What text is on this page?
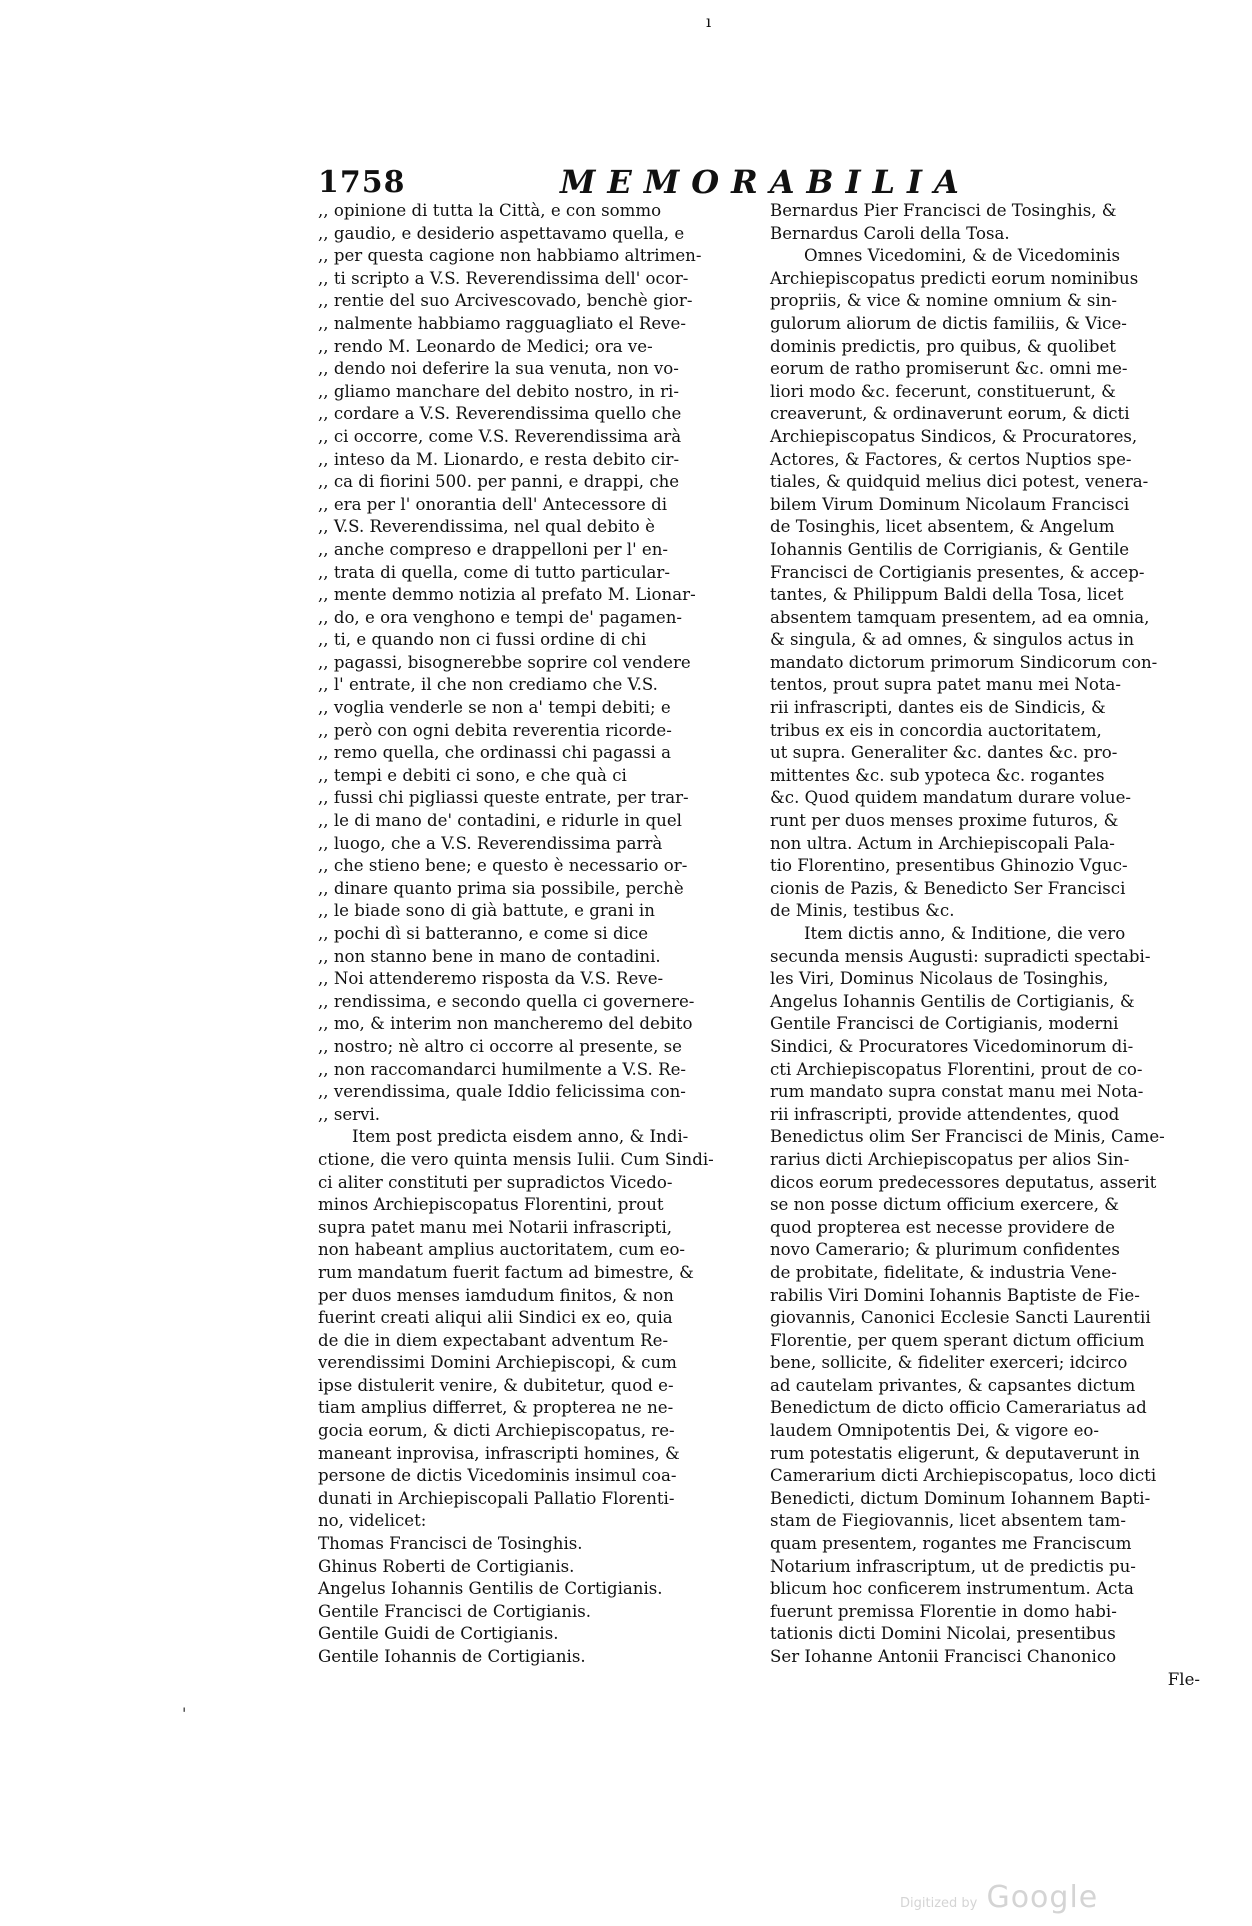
ı
1758	MEMORABILIA
,, opinione di tutta la Città, e con sommo
,, gaudio, e desiderio aspettavamo quella, e
,, per questa cagione non habbiamo altrimen-
,, ti scripto a V.S. Reverendissima dell' ocor-
,, rentie del suo Arcivescovado, benchè gior-
,, nalmente habbiamo ragguagliato el Reve-
,, rendo M. Leonardo de Medici; ora ve-
,, dendo noi deferire la sua venuta, non vo-
,, gliamo manchare del debito nostro, in ri-
,, cordare a V.S. Reverendissima quello che
,, ci occorre, come V.S. Reverendissima arà
,, inteso da M. Lionardo, e resta debito cir-
,, ca di fiorini 500. per panni, e drappi, che
,, era per l' onorantia dell' Antecessore di
,, V.S. Reverendissima, nel qual debito è
,, anche compreso e drappelloni per l' en-
,, trata di quella, come di tutto particular-
,, mente demmo notizia al prefato M. Lionar-
,, do, e ora venghono e tempi de' pagamen-
,, ti, e quando non ci fussi ordine di chi
,, pagassi, bisognerebbe soprire col vendere
,, l' entrate, il che non crediamo che V.S.
,, voglia venderle se non a' tempi debiti; e
,, però con ogni debita reverentia ricorde-
,, remo quella, che ordinassi chi pagassi a
,, tempi e debiti ci sono, e che quà ci
,, fussi chi pigliassi queste entrate, per trar-
,, le di mano de' contadini, e ridurle in quel
,, luogo, che a V.S. Reverendissima parrà
,, che stieno bene; e questo è necessario or-
,, dinare quanto prima sia possibile, perchè
,, le biade sono di già battute, e grani in
,, pochi dì si batteranno, e come si dice
,, non stanno bene in mano de contadini.
,, Noi attenderemo risposta da V.S. Reve-
,, rendissima, e secondo quella ci governere-
,, mo, & interim non mancheremo del debito
,, nostro; nè altro ci occorre al presente, se
,, non raccomandarci humilmente a V.S. Re-
,, verendissima, quale Iddio felicissima con-
,, servi.
Item post predicta eisdem anno, & Indi-
ctione, die vero quinta mensis Iulii. Cum Sindi-
ci aliter constituti per supradictos Vicedo-
minos Archiepiscopatus Florentini, prout
supra patet manu mei Notarii infrascripti,
non habeant amplius auctoritatem, cum eo-
rum mandatum fuerit factum ad bimestre, &
per duos menses iamdudum finitos, & non
fuerint creati aliqui alii Sindici ex eo, quia
de die in diem expectabant adventum Re-
verendissimi Domini Archiepiscopi, & cum
ipse distulerit venire, & dubitetur, quod e-
tiam amplius differret, & propterea ne ne-
gocia eorum, & dicti Archiepiscopatus, re-
maneant inprovisa, infrascripti homines, &
persone de dictis Vicedominis insimul coa-
dunati in Archiepiscopali Pallatio Florenti-
no, videlicet:
Thomas Francisci de Tosinghis.
Ghinus Roberti de Cortigianis.
Angelus Iohannis Gentilis de Cortigianis.
Gentile Francisci de Cortigianis.
Gentile Guidi de Cortigianis.
Gentile Iohannis de Cortigianis.
Bernardus Pier Francisci de Tosinghis, &
Bernardus Caroli della Tosa.
Omnes Vicedomini, & de Vicedominis
Archiepiscopatus predicti eorum nominibus
propriis, & vice & nomine omnium & sin-
gulorum aliorum de dictis familiis, & Vice-
dominis predictis, pro quibus, & quolibet
eorum de ratho promiserunt &c. omni me-
liori modo &c. fecerunt, constituerunt, &
creaverunt, & ordinaverunt eorum, & dicti
Archiepiscopatus Sindicos, & Procuratores,
Actores, & Factores, & certos Nuptios spe-
tiales, & quidquid melius dici potest, venera-
bilem Virum Dominum Nicolaum Francisci
de Tosinghis, licet absentem, & Angelum
Iohannis Gentilis de Corrigianis, & Gentile
Francisci de Cortigianis presentes, & accep-
tantes, & Philippum Baldi della Tosa, licet
absentem tamquam presentem, ad ea omnia,
& singula, & ad omnes, & singulos actus in
mandato dictorum primorum Sindicorum con-
tentos, prout supra patet manu mei Nota-
rii infrascripti, dantes eis de Sindicis, &
tribus ex eis in concordia auctoritatem,
ut supra. Generaliter &c. dantes &c. pro-
mittentes &c. sub ypoteca &c. rogantes
&c. Quod quidem mandatum durare volue-
runt per duos menses proxime futuros, &
non ultra. Actum in Archiepiscopali Pala-
tio Florentino, presentibus Ghinozio Vguc-
cionis de Pazis, & Benedicto Ser Francisci
de Minis, testibus &c.
Item dictis anno, & Inditione, die vero
secunda mensis Augusti: supradicti spectabi-
les Viri, Dominus Nicolaus de Tosinghis,
Angelus Iohannis Gentilis de Cortigianis, &
Gentile Francisci de Cortigianis, moderni
Sindici, & Procuratores Vicedominorum di-
cti Archiepiscopatus Florentini, prout de co-
rum mandato supra constat manu mei Nota-
rii infrascripti, provide attendentes, quod
Benedictus olim Ser Francisci de Minis, Came-
rarius dicti Archiepiscopatus per alios Sin-
dicos eorum predecessores deputatus, asserit
se non posse dictum officium exercere, &
quod propterea est necesse providere de
novo Camerario; & plurimum confidentes
de probitate, fidelitate, & industria Vene-
rabilis Viri Domini Iohannis Baptiste de Fie-
giovannis, Canonici Ecclesie Sancti Laurentii
Florentie, per quem sperant dictum officium
bene, sollicite, & fideliter exerceri; idcirco
ad cautelam privantes, & capsantes dictum
Benedictum de dicto officio Camerariatus ad
laudem Omnipotentis Dei, & vigore eo-
rum potestatis eligerunt, & deputaverunt in
Camerarium dicti Archiepiscopatus, loco dicti
Benedicti, dictum Dominum Iohannem Bapti-
stam de Fiegiovannis, licet absentem tam-
quam presentem, rogantes me Franciscum
Notarium infrascriptum, ut de predictis pu-
blicum hoc conficerem instrumentum. Acta
fuerunt premissa Florentie in domo habi-
tationis dicti Domini Nicolai, presentibus
Ser Iohanne Antonii Francisci Chanonico
Fle-
'
Digitized by Google
